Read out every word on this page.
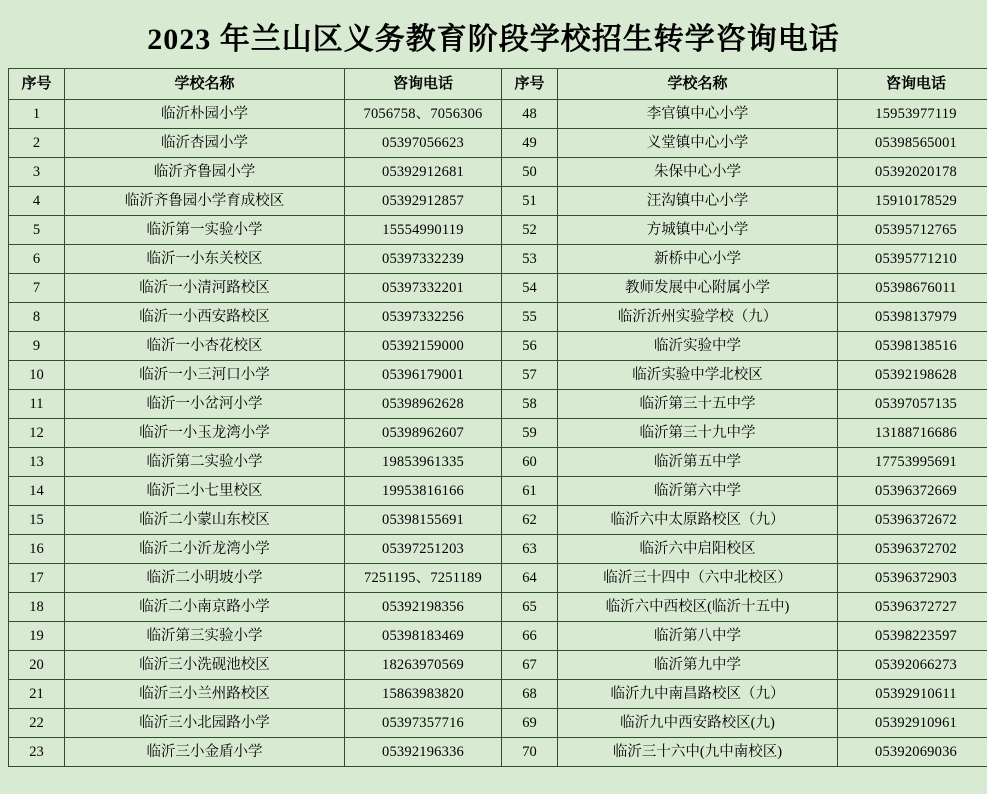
2023 年兰山区义务教育阶段学校招生转学咨询电话
序号	学校名称	咨询电话	序号	学校名称	咨询电话
1	临沂朴园小学	7056758、7056306	48	李官镇中心小学	15953977119
2	临沂杏园小学	05397056623	49	义堂镇中心小学	05398565001
3	临沂齐鲁园小学	05392912681	50	朱保中心小学	05392020178
4	临沂齐鲁园小学育成校区	05392912857	51	汪沟镇中心小学	15910178529
5	临沂第一实验小学	15554990119	52	方城镇中心小学	05395712765
6	临沂一小东关校区	05397332239	53	新桥中心小学	05395771210
7	临沂一小清河路校区	05397332201	54	教师发展中心附属小学	05398676011
8	临沂一小西安路校区	05397332256	55	临沂沂州实验学校（九）	05398137979
9	临沂一小杏花校区	05392159000	56	临沂实验中学	05398138516
10	临沂一小三河口小学	05396179001	57	临沂实验中学北校区	05392198628
11	临沂一小岔河小学	05398962628	58	临沂第三十五中学	05397057135
12	临沂一小玉龙湾小学	05398962607	59	临沂第三十九中学	13188716686
13	临沂第二实验小学	19853961335	60	临沂第五中学	17753995691
14	临沂二小七里校区	19953816166	61	临沂第六中学	05396372669
15	临沂二小蒙山东校区	05398155691	62	临沂六中太原路校区（九）	05396372672
16	临沂二小沂龙湾小学	05397251203	63	临沂六中启阳校区	05396372702
17	临沂二小明坡小学	7251195、7251189	64	临沂三十四中（六中北校区）	05396372903
18	临沂二小南京路小学	05392198356	65	临沂六中西校区(临沂十五中)	05396372727
19	临沂第三实验小学	05398183469	66	临沂第八中学	05398223597
20	临沂三小洗砚池校区	18263970569	67	临沂第九中学	05392066273
21	临沂三小兰州路校区	15863983820	68	临沂九中南昌路校区（九）	05392910611
22	临沂三小北园路小学	05397357716	69	临沂九中西安路校区(九)	05392910961
23	临沂三小金盾小学	05392196336	70	临沂三十六中(九中南校区)	05392069036
